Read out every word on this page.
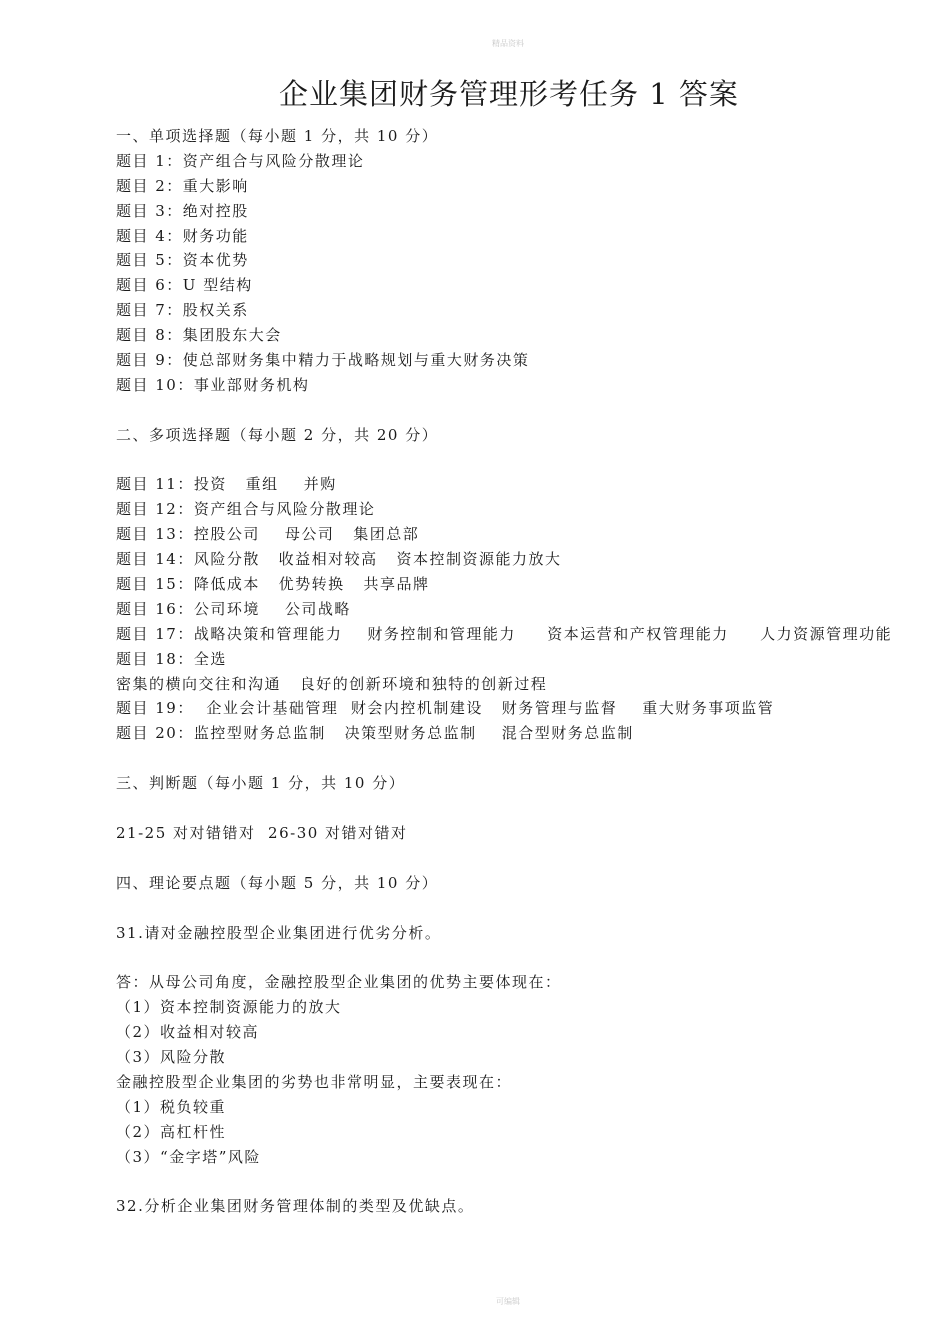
精品资料
企业集团财务管理形考任务 1 答案
一、单项选择题（每小题 1 分，共 10 分）
题目 1：资产组合与风险分散理论
题目 2：重大影响
题目 3：绝对控股
题目 4：财务功能
题目 5：资本优势
题目 6：U 型结构
题目 7：股权关系
题目 8：集团股东大会
题目 9：使总部财务集中精力于战略规划与重大财务决策
题目 10：事业部财务机构
二、多项选择题（每小题 2 分，共 20 分）
题目 11：投资   重组    并购
题目 12：资产组合与风险分散理论
题目 13：控股公司    母公司   集团总部
题目 14：风险分散   收益相对较高   资本控制资源能力放大
题目 15：降低成本   优势转换   共享品牌
题目 16：公司环境    公司战略
题目 17：战略决策和管理能力    财务控制和管理能力     资本运营和产权管理能力     人力资源管理功能
题目 18：全选
密集的横向交往和沟通   良好的创新环境和独特的创新过程
题目 19：  企业会计基础管理  财会内控机制建设   财务管理与监督    重大财务事项监管
题目 20：监控型财务总监制   决策型财务总监制    混合型财务总监制
三、判断题（每小题 1 分，共 10 分）
21-25 对对错错对  26-30 对错对错对
四、理论要点题（每小题 5 分，共 10 分）
31.请对金融控股型企业集团进行优劣分析。
答：从母公司角度，金融控股型企业集团的优势主要体现在：
（1）资本控制资源能力的放大
（2）收益相对较高
（3）风险分散
金融控股型企业集团的劣势也非常明显，主要表现在：
（1）税负较重
（2）高杠杆性
（3）“金字塔”风险
32.分析企业集团财务管理体制的类型及优缺点。
可编辑
